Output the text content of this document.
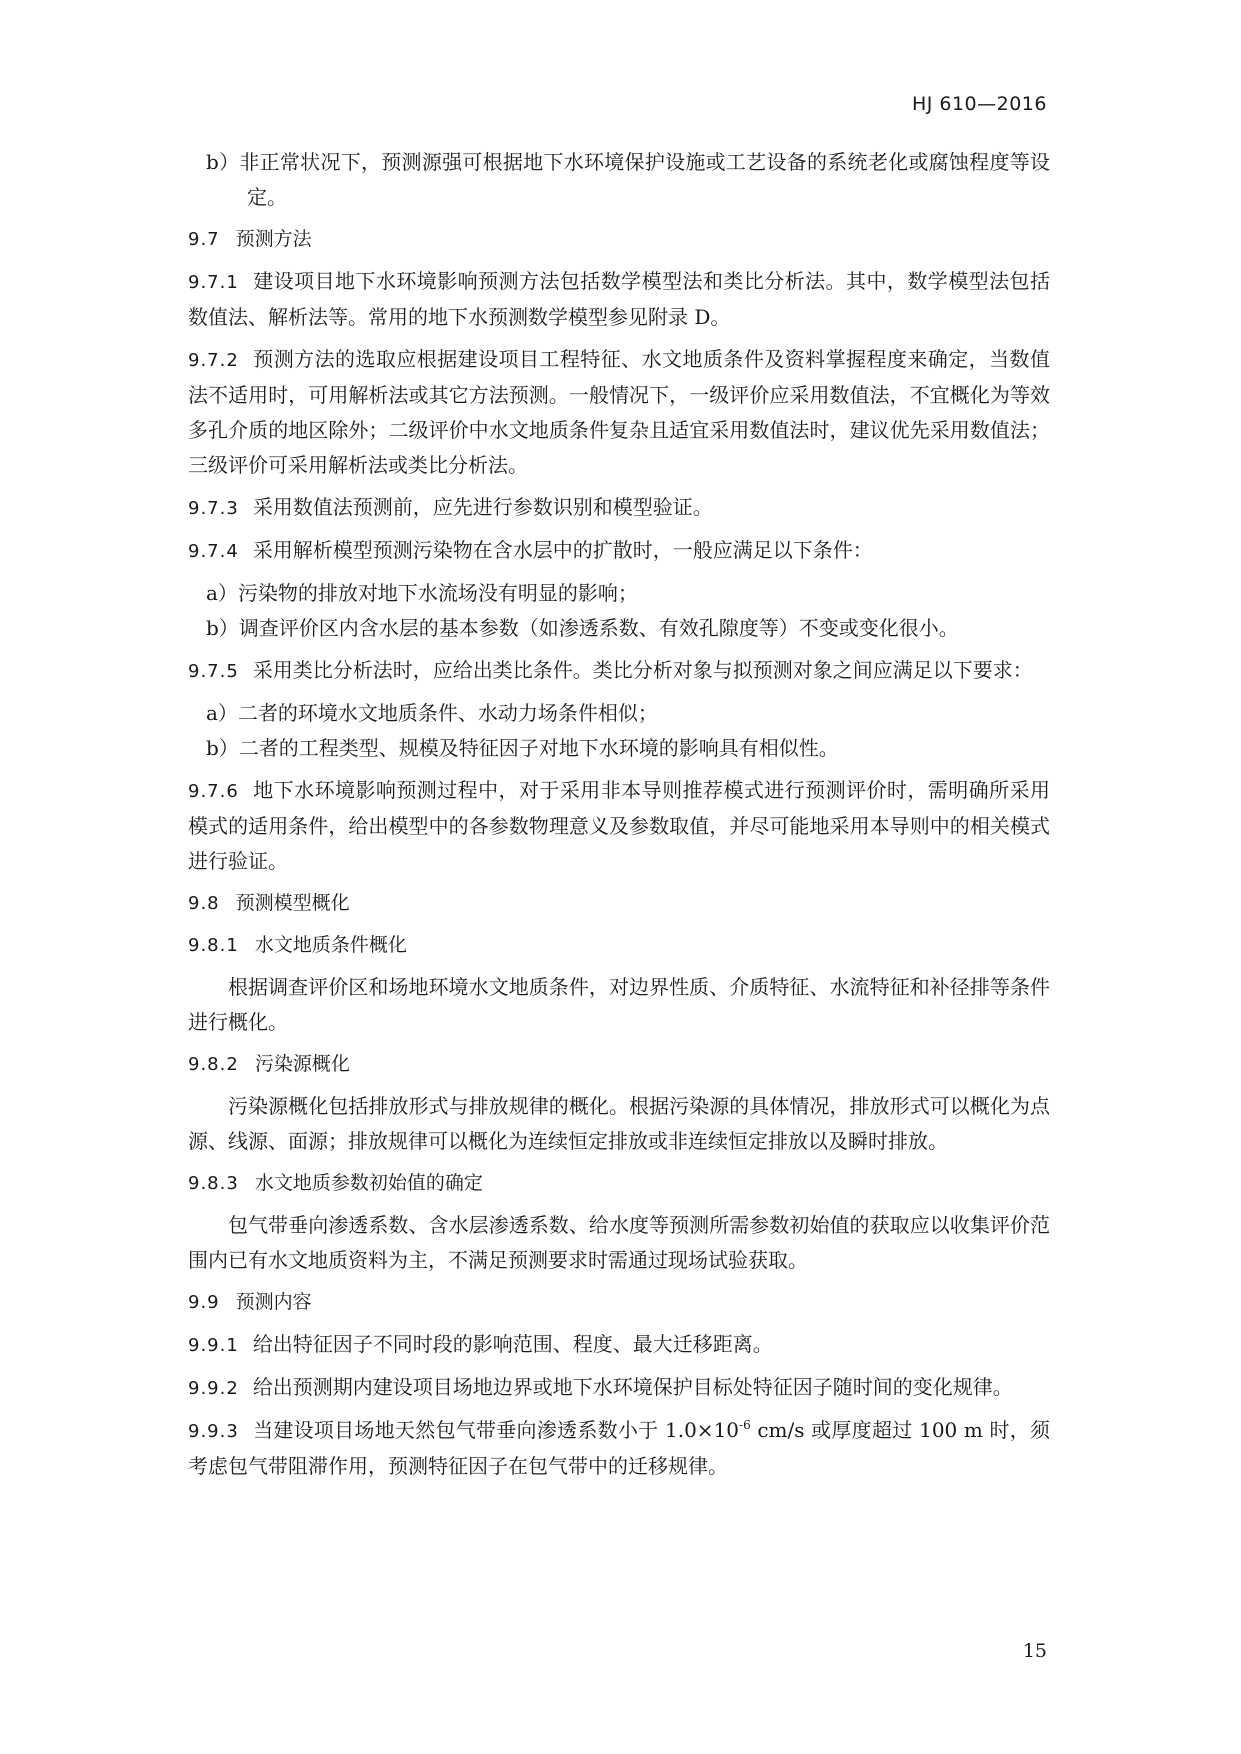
HJ 610—2016

b）非正常状况下，预测源强可根据地下水环境保护设施或工艺设备的系统老化或腐蚀程度等设定。

9.7 预测方法

9.7.1 建设项目地下水环境影响预测方法包括数学模型法和类比分析法。其中，数学模型法包括数值法、解析法等。常用的地下水预测数学模型参见附录 D。

9.7.2 预测方法的选取应根据建设项目工程特征、水文地质条件及资料掌握程度来确定，当数值法不适用时，可用解析法或其它方法预测。一般情况下，一级评价应采用数值法，不宜概化为等效多孔介质的地区除外；二级评价中水文地质条件复杂且适宜采用数值法时，建议优先采用数值法；三级评价可采用解析法或类比分析法。

9.7.3 采用数值法预测前，应先进行参数识别和模型验证。

9.7.4 采用解析模型预测污染物在含水层中的扩散时，一般应满足以下条件：

a）污染物的排放对地下水流场没有明显的影响；

b）调查评价区内含水层的基本参数（如渗透系数、有效孔隙度等）不变或变化很小。

9.7.5 采用类比分析法时，应给出类比条件。类比分析对象与拟预测对象之间应满足以下要求：

a）二者的环境水文地质条件、水动力场条件相似；

b）二者的工程类型、规模及特征因子对地下水环境的影响具有相似性。

9.7.6 地下水环境影响预测过程中，对于采用非本导则推荐模式进行预测评价时，需明确所采用模式的适用条件，给出模型中的各参数物理意义及参数取值，并尽可能地采用本导则中的相关模式进行验证。

9.8 预测模型概化

9.8.1 水文地质条件概化

根据调查评价区和场地环境水文地质条件，对边界性质、介质特征、水流特征和补径排等条件进行概化。

9.8.2 污染源概化

污染源概化包括排放形式与排放规律的概化。根据污染源的具体情况，排放形式可以概化为点源、线源、面源；排放规律可以概化为连续恒定排放或非连续恒定排放以及瞬时排放。

9.8.3 水文地质参数初始值的确定

包气带垂向渗透系数、含水层渗透系数、给水度等预测所需参数初始值的获取应以收集评价范围内已有水文地质资料为主，不满足预测要求时需通过现场试验获取。

9.9 预测内容

9.9.1 给出特征因子不同时段的影响范围、程度、最大迁移距离。

9.9.2 给出预测期内建设项目场地边界或地下水环境保护目标处特征因子随时间的变化规律。

9.9.3 当建设项目场地天然包气带垂向渗透系数小于 $1.0\times 10^{-6}$ cm/s 或厚度超过 100 m 时，须考虑包气带阻滞作用，预测特征因子在包气带中的迁移规律。

15
